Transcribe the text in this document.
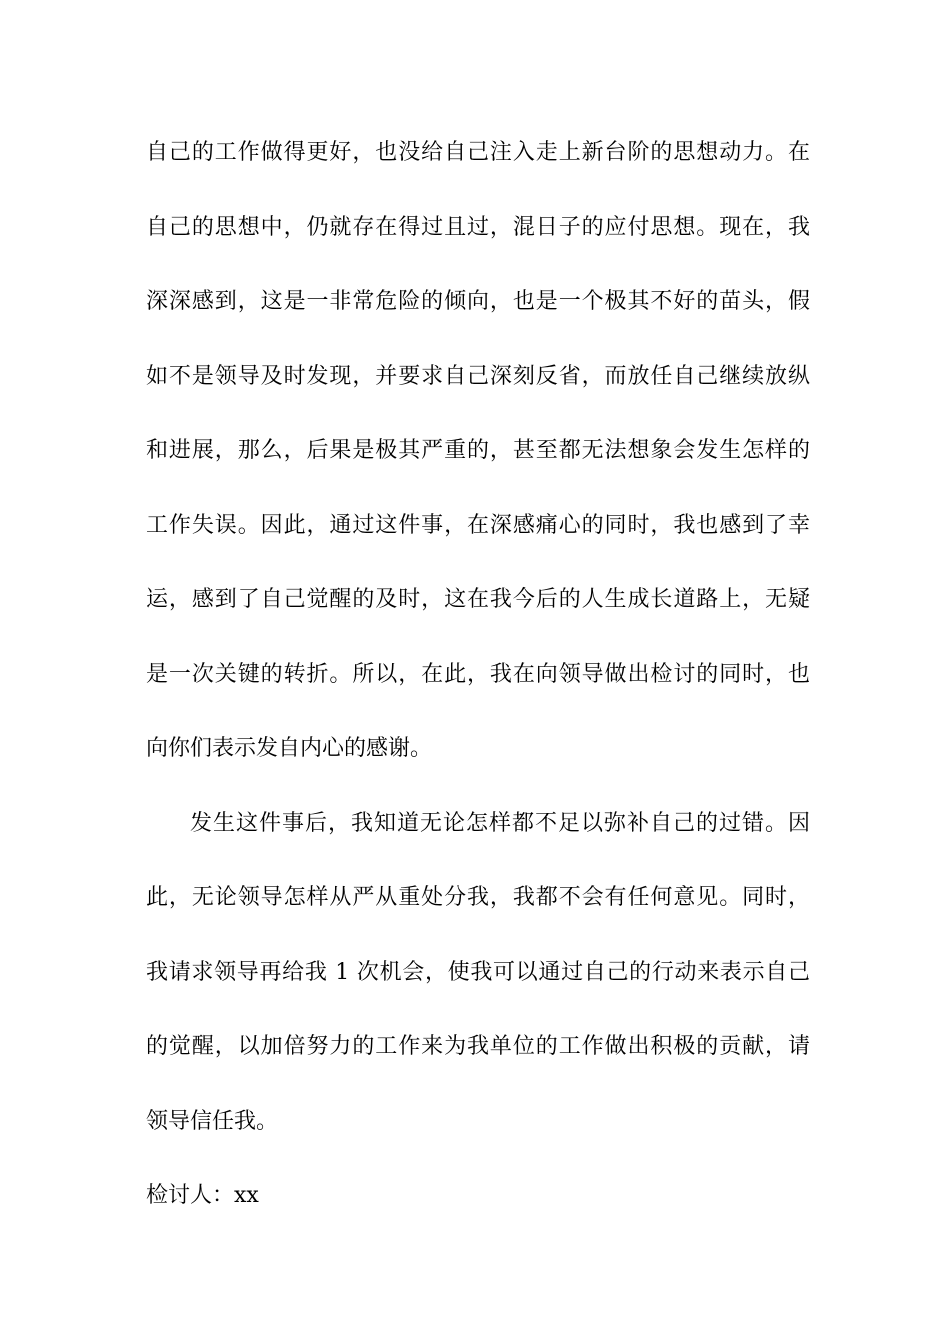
自己的工作做得更好，也没给自己注入走上新台阶的思想动力。在
自己的思想中，仍就存在得过且过，混日子的应付思想。现在，我
深深感到，这是一非常危险的倾向，也是一个极其不好的苗头，假
如不是领导及时发现，并要求自己深刻反省，而放任自己继续放纵
和进展，那么，后果是极其严重的，甚至都无法想象会发生怎样的
工作失误。因此，通过这件事，在深感痛心的同时，我也感到了幸
运，感到了自己觉醒的及时，这在我今后的人生成长道路上，无疑
是一次关键的转折。所以，在此，我在向领导做出检讨的同时，也
向你们表示发自内心的感谢。
发生这件事后，我知道无论怎样都不足以弥补自己的过错。因
此，无论领导怎样从严从重处分我，我都不会有任何意见。同时，
我请求领导再给我 1 次机会，使我可以通过自己的行动来表示自己
的觉醒，以加倍努力的工作来为我单位的工作做出积极的贡献，请
领导信任我。
检讨人：xx
